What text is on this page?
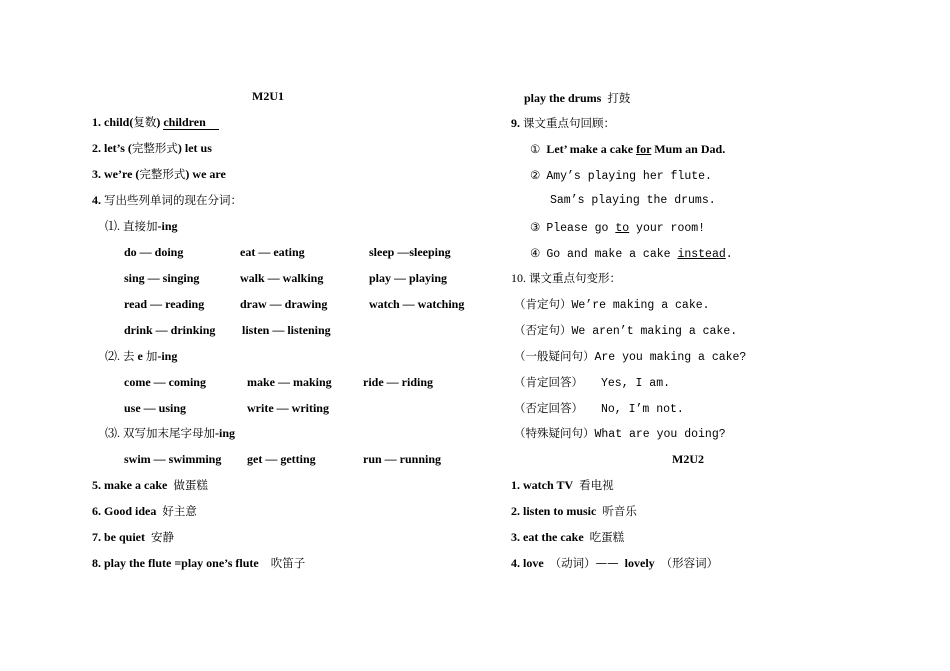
M2U1
1. child(复数) children
2. let’s (完整形式) let us
3. we’re (完整形式) we are
4. 写出些列单词的现在分词：
⑴. 直接加-ing
do — doing	eat — eating	sleep —sleeping
sing — singing	walk — walking	play — playing
read — reading	draw — drawing	watch — watching
drink — drinking listen — listening
⑵. 去 e 加-ing
come — coming	make — making	ride — riding
use — using	write — writing
⑶. 双写加末尾字母加-ing
swim — swimming get — getting	run — running
5. make a cake 做蛋糕
6. Good idea 好主意
7. be quiet 安静
8. play the flute =play one’s flute 吹笛子
play the drums 打鼓
9. 课文重点句回顾：
① Let’ make a cake for Mum an Dad.
② Amy’s playing her flute.
Sam’s playing the drums.
③ Please go to your room!
④ Go and make a cake instead.
10. 课文重点句变形：
（肯定句）We’re making a cake.
（否定句）We aren’t making a cake.
（一般疑问句）Are you making a cake?
（肯定回答） Yes, I am.
（否定回答） No, I’m not.
（特殊疑问句）What are you doing?
M2U2
1. watch TV 看电视
2. listen to music 听音乐
3. eat the cake 吃蛋糕
4. love （动词）—— lovely （形容词）
